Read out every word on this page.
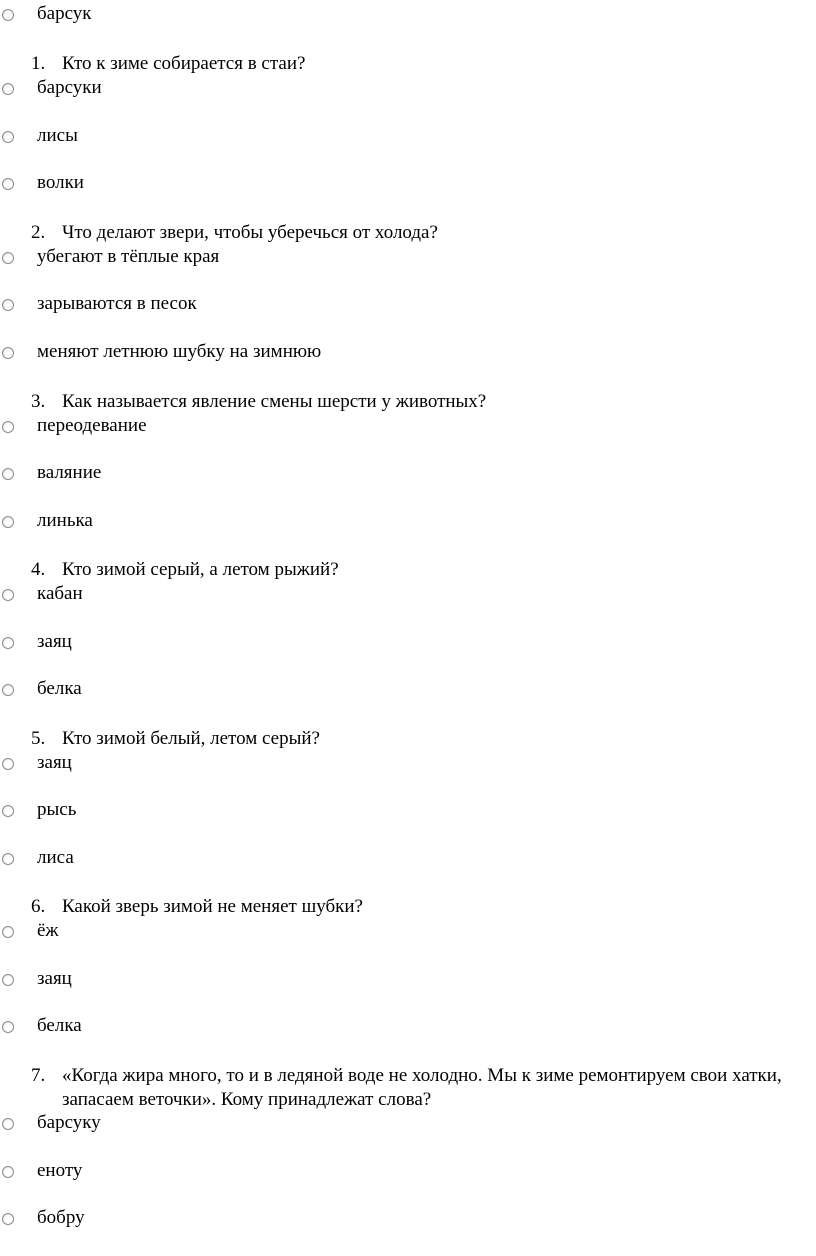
барсук
1. Кто к зиме собирается в стаи?
барсуки
лисы
волки
2. Что делают звери, чтобы уберечься от холода?
убегают в тёплые края
зарываются в песок
меняют летнюю шубку на зимнюю
3. Как называется явление смены шерсти у животных?
переодевание
валяние
линька
4. Кто зимой серый, а летом рыжий?
кабан
заяц
белка
5. Кто зимой белый, летом серый?
заяц
рысь
лиса
6. Какой зверь зимой не меняет шубки?
ёж
заяц
белка
7. «Когда жира много, то и в ледяной воде не холодно. Мы к зиме ремонтируем свои хатки, запасаем веточки». Кому принадлежат слова?
барсуку
еноту
бобру
